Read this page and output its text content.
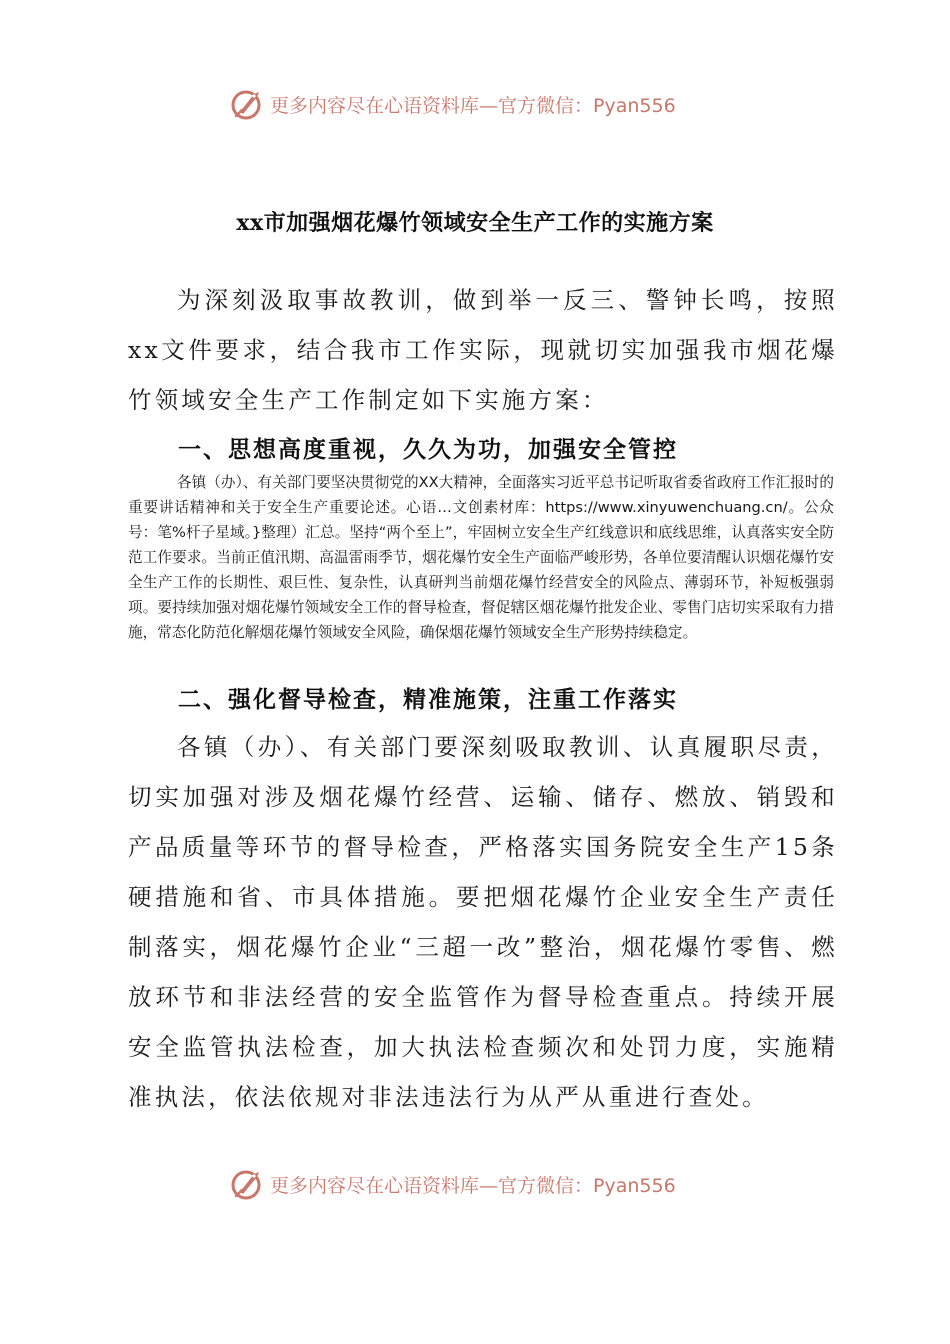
更多内容尽在心语资料库—官方微信：Pyan556
xx市加强烟花爆竹领域安全生产工作的实施方案

为深刻汲取事故教训，做到举一反三、警钟长鸣，按照xx文件要求，结合我市工作实际，现就切实加强我市烟花爆竹领域安全生产工作制定如下实施方案：

一、思想高度重视，久久为功，加强安全管控

各镇（办）、有关部门要坚决贯彻党的XX大精神，全面落实习近平总书记听取省委省政府工作汇报时的重要讲话精神和关于安全生产重要论述。心语…文创素材库：https://www.xinyuwenchuang.cn/。公众号：笔%杆子星域。}整理）汇总。坚持“两个至上”，牢固树立安全生产红线意识和底线思维，认真落实安全防范工作要求。当前正值汛期、高温雷雨季节，烟花爆竹安全生产面临严峻形势，各单位要清醒认识烟花爆竹安全生产工作的长期性、艰巨性、复杂性，认真研判当前烟花爆竹经营安全的风险点、薄弱环节，补短板强弱项。要持续加强对烟花爆竹领域安全工作的督导检查，督促辖区烟花爆竹批发企业、零售门店切实采取有力措施，常态化防范化解烟花爆竹领域安全风险，确保烟花爆竹领域安全生产形势持续稳定。

二、强化督导检查，精准施策，注重工作落实

各镇（办）、有关部门要深刻吸取教训、认真履职尽责，切实加强对涉及烟花爆竹经营、运输、储存、燃放、销毁和产品质量等环节的督导检查，严格落实国务院安全生产15条硬措施和省、市具体措施。要把烟花爆竹企业安全生产责任制落实，烟花爆竹企业“三超一改”整治，烟花爆竹零售、燃放环节和非法经营的安全监管作为督导检查重点。持续开展安全监管执法检查，加大执法检查频次和处罚力度，实施精准执法，依法依规对非法违法行为从严从重进行查处。

更多内容尽在心语资料库—官方微信：Pyan556
